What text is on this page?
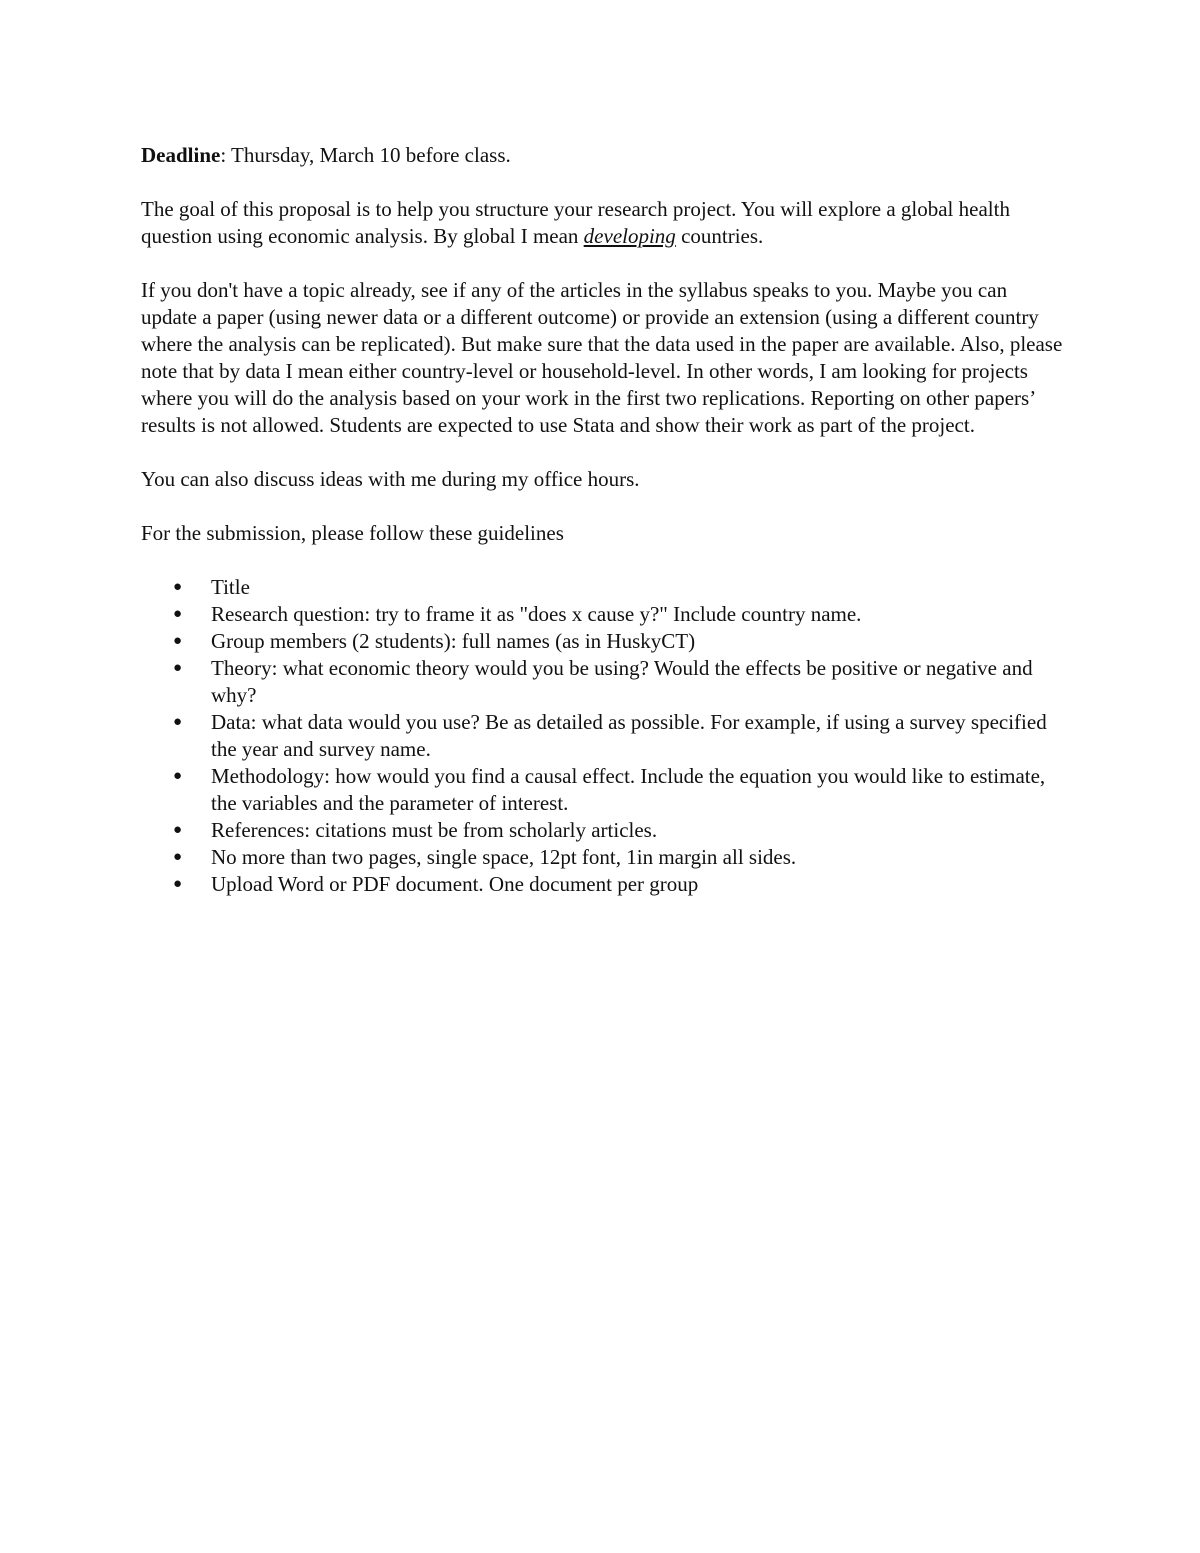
Deadline: Thursday, March 10 before class.

The goal of this proposal is to help you structure your research project. You will explore a global health question using economic analysis. By global I mean developing countries.

If you don't have a topic already, see if any of the articles in the syllabus speaks to you. Maybe you can update a paper (using newer data or a different outcome) or provide an extension (using a different country where the analysis can be replicated). But make sure that the data used in the paper are available. Also, please note that by data I mean either country-level or household-level. In other words, I am looking for projects where you will do the analysis based on your work in the first two replications. Reporting on other papers’ results is not allowed. Students are expected to use Stata and show their work as part of the project.

You can also discuss ideas with me during my office hours.

For the submission, please follow these guidelines

● Title
● Research question: try to frame it as "does x cause y?" Include country name.
● Group members (2 students): full names (as in HuskyCT)
● Theory: what economic theory would you be using? Would the effects be positive or negative and why?
● Data: what data would you use? Be as detailed as possible. For example, if using a survey specified the year and survey name.
● Methodology: how would you find a causal effect. Include the equation you would like to estimate, the variables and the parameter of interest.
● References: citations must be from scholarly articles.
● No more than two pages, single space, 12pt font, 1in margin all sides.
● Upload Word or PDF document. One document per group
